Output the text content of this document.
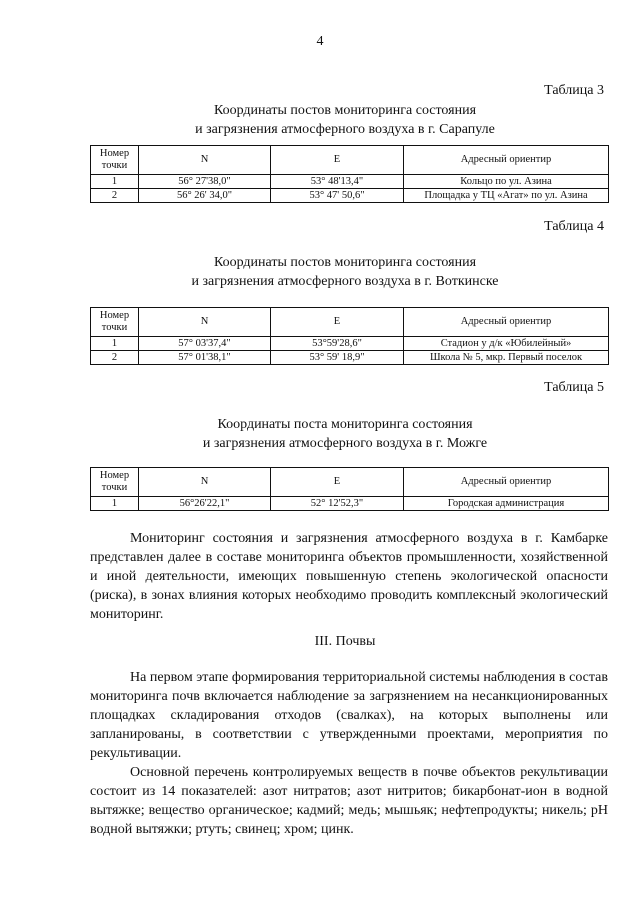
4
Таблица 3
Координаты постов мониторинга состояния
и загрязнения атмосферного воздуха в г. Сарапуле
Номер точки	N	E	Адресный ориентир
1	56° 27'38,0"	53° 48'13,4"	Кольцо по ул. Азина
2	56° 26' 34,0"	53° 47' 50,6"	Площадка у ТЦ «Агат» по ул. Азина
Таблица 4
Координаты постов мониторинга состояния
и загрязнения атмосферного воздуха в г. Воткинске
Номер точки	N	E	Адресный ориентир
1	57° 03'37,4"	53°59'28,6"	Стадион у д/к «Юбилейный»
2	57° 01'38,1"	53° 59' 18,9"	Школа № 5, мкр. Первый поселок
Таблица 5
Координаты поста мониторинга состояния
и загрязнения атмосферного воздуха в г. Можге
Номер точки	N	E	Адресный ориентир
1	56°26'22,1"	52° 12'52,3"	Городская администрация

Мониторинг состояния и загрязнения атмосферного воздуха в г. Камбарке представлен далее в составе мониторинга объектов промышленности, хозяйственной и иной деятельности, имеющих повышенную степень экологической опасности (риска), в зонах влияния которых необходимо проводить комплексный экологический мониторинг.

III. Почвы

На первом этапе формирования территориальной системы наблюдения в состав мониторинга почв включается наблюдение за загрязнением на несанкционированных площадках складирования отходов (свалках), на которых выполнены или запланированы, в соответствии с утвержденными проектами, мероприятия по рекультивации.

Основной перечень контролируемых веществ в почве объектов рекультивации состоит из 14 показателей: азот нитратов; азот нитритов; бикарбонат-ион в водной вытяжке; вещество органическое; кадмий; медь; мышьяк; нефтепродукты; никель; рН водной вытяжки; ртуть; свинец; хром; цинк.
